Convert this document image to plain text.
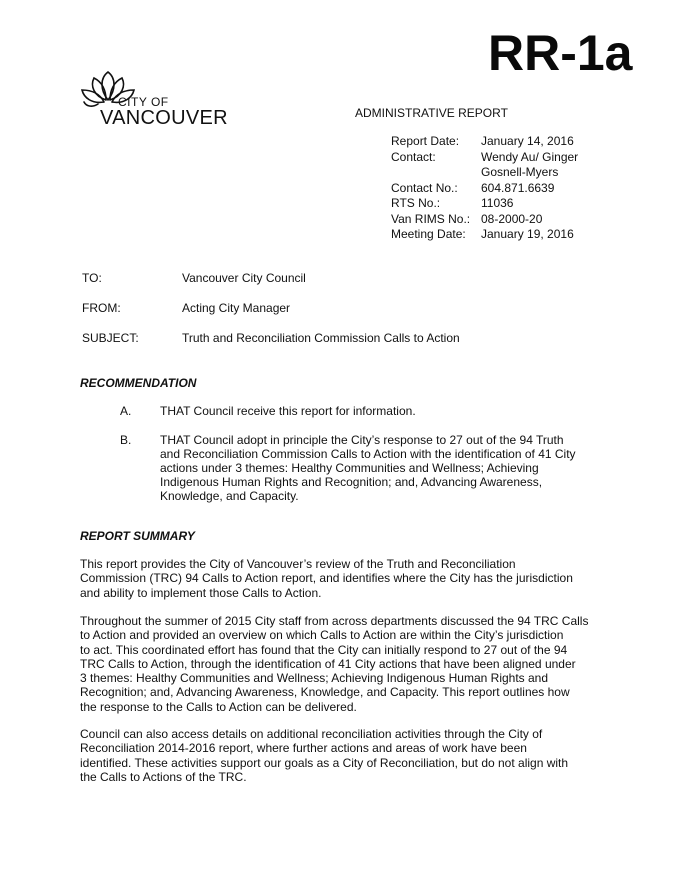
RR-1a
CITY OF
VANCOUVER	ADMINISTRATIVE REPORT
Report Date:	January 14, 2016
Contact:	Wendy Au/ Ginger
Gosnell-Myers
Contact No.:	604.871.6639
RTS No.:	11036
Van RIMS No.: 08-2000-20
Meeting Date:	January 19, 2016
TO:	Vancouver City Council
FROM:	Acting City Manager
SUBJECT:	Truth and Reconciliation Commission Calls to Action
RECOMMENDATION
A.	THAT Council receive this report for information.
B.	THAT Council adopt in principle the City’s response to 27 out of the 94 Truth
and Reconciliation Commission Calls to Action with the identification of 41 City
actions under 3 themes: Healthy Communities and Wellness; Achieving
Indigenous Human Rights and Recognition; and, Advancing Awareness,
Knowledge, and Capacity.
REPORT SUMMARY
This report provides the City of Vancouver’s review of the Truth and Reconciliation
Commission (TRC) 94 Calls to Action report, and identifies where the City has the jurisdiction
and ability to implement those Calls to Action.
Throughout the summer of 2015 City staff from across departments discussed the 94 TRC Calls
to Action and provided an overview on which Calls to Action are within the City’s jurisdiction
to act. This coordinated effort has found that the City can initially respond to 27 out of the 94
TRC Calls to Action, through the identification of 41 City actions that have been aligned under
3 themes: Healthy Communities and Wellness; Achieving Indigenous Human Rights and
Recognition; and, Advancing Awareness, Knowledge, and Capacity. This report outlines how
the response to the Calls to Action can be delivered.
Council can also access details on additional reconciliation activities through the City of
Reconciliation 2014-2016 report, where further actions and areas of work have been
identified. These activities support our goals as a City of Reconciliation, but do not align with
the Calls to Actions of the TRC.
